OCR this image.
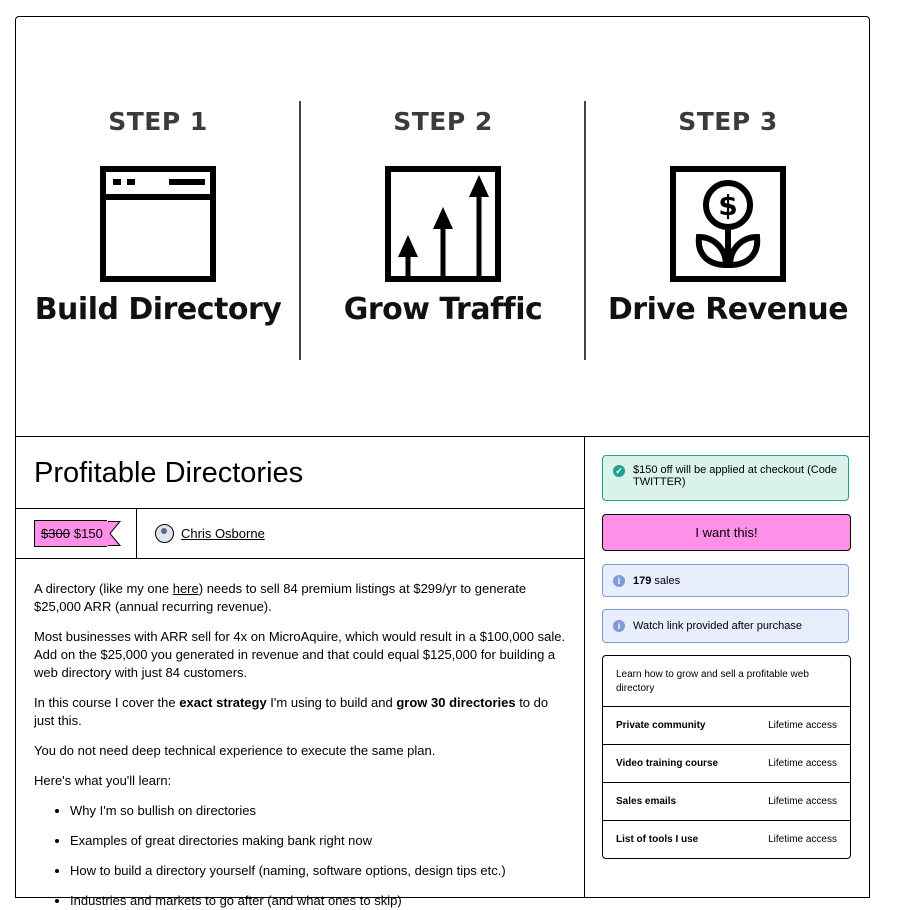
STEP 1
Build Directory
STEP 2
Grow Traffic
STEP 3
$
Drive Revenue
Profitable Directories
$300 $150	Chris Osborne

A directory (like my one here) needs to sell 84 premium listings at $299/yr to generate $25,000 ARR (annual recurring revenue).

Most businesses with ARR sell for 4x on MicroAquire, which would result in a $100,000 sale. Add on the $25,000 you generated in revenue and that could equal $125,000 for building a web directory with just 84 customers.

In this course I cover the exact strategy I'm using to build and grow 30 directories to do just this.

You do not need deep technical experience to execute the same plan.

Here's what you'll learn:

• Why I'm so bullish on directories
• Examples of great directories making bank right now
• How to build a directory yourself (naming, software options, design tips etc.)
• Industries and markets to go after (and what ones to skip)
✓ $150 off will be applied at checkout (Code TWITTER)
I want this!
i	179 sales
i	Watch link provided after purchase
Learn how to grow and sell a profitable web directory
Private community	Lifetime access
Video training course	Lifetime access
Sales emails	Lifetime access
List of tools I use	Lifetime access
